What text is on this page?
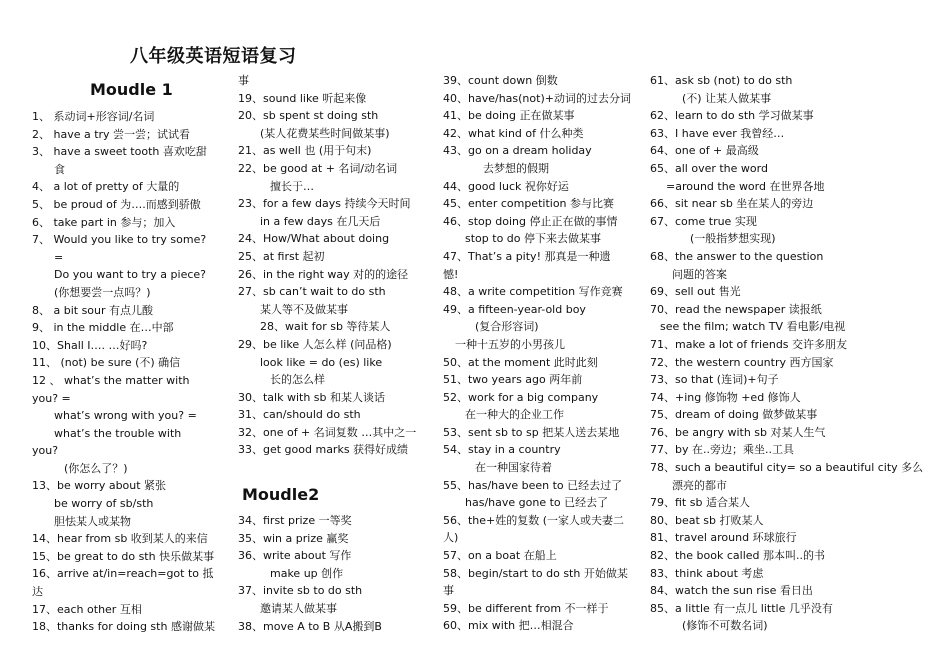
八年级英语短语复习
Moudle 1
1、 系动词+形容词/名词
2、 have a try 尝一尝；试试看
3、 have a sweet tooth 喜欢吃甜
食
4、 a lot of pretty of 大量的
5、 be proud of 为….而感到骄傲
6、 take part in 参与；加入
7、 Would you like to try some?
=
Do you want to try a piece?
(你想要尝一点吗？)
8、 a bit sour 有点儿酸
9、 in the middle 在…中部
10、Shall I…. …好吗?
11、 (not) be sure (不) 确信
12 、 what’s the matter with
you? =
what’s wrong with you? =
what’s the trouble with
you?
(你怎么了？)
13、be worry about 紧张
be worry of sb/sth
胆怯某人或某物
14、hear from sb 收到某人的来信
15、be great to do sth 快乐做某事
16、arrive at/in=reach=got to 抵
达
17、each other 互相
18、thanks for doing sth 感谢做某
事
19、sound like 听起来像
20、sb spent st doing sth
(某人花费某些时间做某事)
21、as well 也 (用于句末)
22、be good at + 名词/动名词
擅长于…
23、for a few days 持续今天时间
in a few days 在几天后
24、How/What about doing
25、at first 起初
26、in the right way 对的的途径
27、sb can’t wait to do sth
某人等不及做某事
28、wait for sb 等待某人
29、be like 人怎么样 (问品格)
look like = do (es) like
长的怎么样
30、talk with sb 和某人谈话
31、can/should do sth
32、one of + 名词复数 …其中之一
33、get good marks 获得好成绩
Moudle2
34、first prize 一等奖
35、win a prize 赢奖
36、write about 写作
make up 创作
37、invite sb to do sth
邀请某人做某事
38、move A to B 从A搬到B
39、count down 倒数
40、have/has(not)+动词的过去分词
41、be doing 正在做某事
42、what kind of 什么种类
43、go on a dream holiday
去梦想的假期
44、good luck 祝你好运
45、enter competition 参与比赛
46、stop doing 停止正在做的事情
stop to do 停下来去做某事
47、That’s a pity! 那真是一种遗
憾!
48、a write competition 写作竞赛
49、a fifteen-year-old boy
(复合形容词)
一种十五岁的小男孩儿
50、at the moment 此时此刻
51、two years ago 两年前
52、work for a big company
在一种大的企业工作
53、sent sb to sp 把某人送去某地
54、stay in a country
在一种国家待着
55、has/have been to 已经去过了
has/have gone to 已经去了
56、the+姓的复数 (一家人或夫妻二
人)
57、on a boat 在船上
58、begin/start to do sth 开始做某
事
59、be different from 不一样于
60、mix with 把…相混合
61、ask sb (not) to do sth
(不) 让某人做某事
62、learn to do sth 学习做某事
63、I have ever 我曾经…
64、one of + 最高级
65、all over the word
=around the word 在世界各地
66、sit near sb 坐在某人的旁边
67、come true 实现
(一般指梦想实现)
68、the answer to the question
问题的答案
69、sell out 售光
70、read the newspaper 读报纸
see the film; watch TV 看电影/电视
71、make a lot of friends 交许多朋友
72、the western country 西方国家
73、so that (连词)+句子
74、+ing 修饰物 +ed 修饰人
75、dream of doing 做梦做某事
76、be angry with sb 对某人生气
77、by 在..旁边；乘坐..工具
78、such a beautiful city= so a beautiful city 多么
漂亮的都市
79、fit sb 适合某人
80、beat sb 打败某人
81、travel around 环球旅行
82、the book called 那本叫..的书
83、think about 考虑
84、watch the sun rise 看日出
85、a little 有一点儿 little 几乎没有
(修饰不可数名词)
